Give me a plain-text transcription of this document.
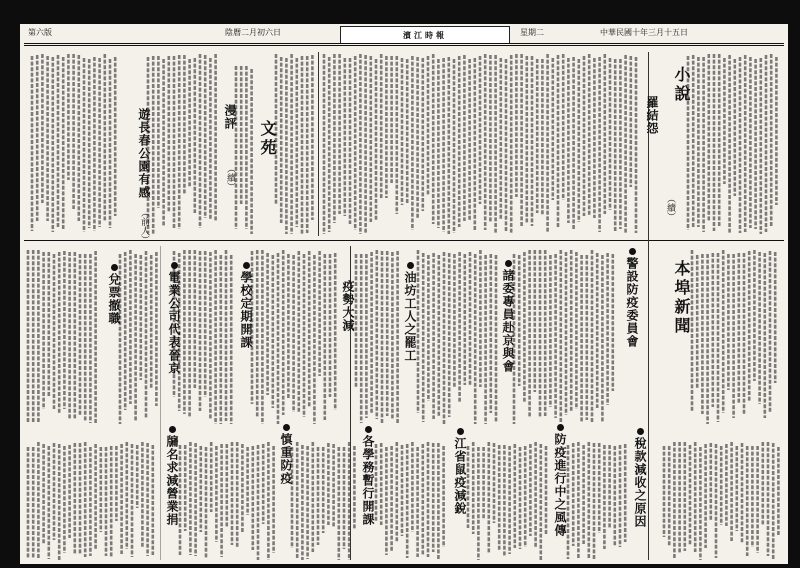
第六版	陰曆二月初六日	濱江時報	星期二	中華民國十年三月十五日
小說
羅結怨
（續）
文苑
漫評
（續）
遊長春公園有感
（前人）
本埠新聞
警設防疫委員會
諸委專員赴京與會
油坊工人之罷工
疫勢大減
學校定期開課
電業公司代表晉京
兌票撤職
稅款減收之原因
防疫進行中之風傳
江省鼠疫減銳
各學務暫行開課
慎重防疫
牖名求減營業捐
